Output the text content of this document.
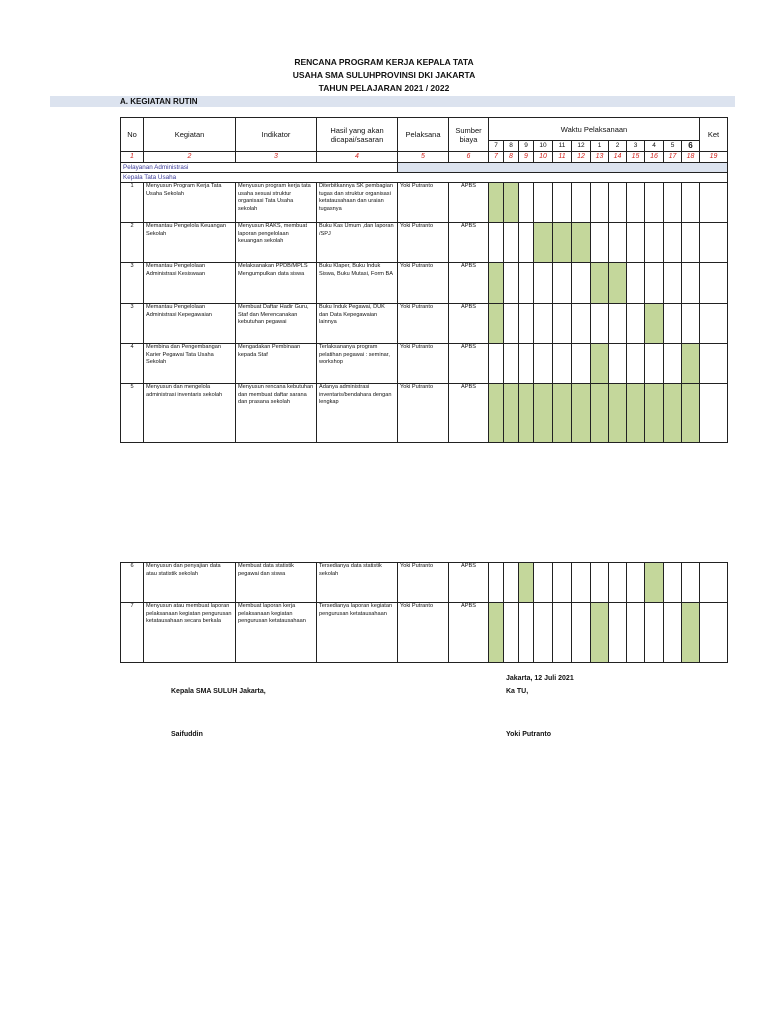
RENCANA PROGRAM KERJA KEPALA TATA
USAHA SMA SULUHPROVINSI DKI JAKARTA
TAHUN PELAJARAN 2021 / 2022
A. KEGIATAN RUTIN
No	Kegiatan	Indikator	Hasil yang akan dicapai/sasaran	Pelaksana	Sumber biaya	Waktu Pelaksanaan												Ket
						7	8	9	10	11	12	1	2	3	4	5	6	
1	2	3	4	5	6	7	8	9	10	11	12	13	14	15	16	17	18	19
Pelayanan Administrasi																		
Kepala Tata Usaha																		
1	Menyusun Program Kerja Tata Usaha Sekolah	Menyusun program kerja tata usaha sesuai struktur organisasi Tata Usaha sekolah	Diterbitkannya SK pembagian tugas dan struktur organisasi ketatausahaan dan uraian tugasnya	Yoki Putranto	APBS													
2	Memantau Pengelola Keuangan Sekolah	Menyusun RAKS, membuat laporan pengelolaan keuangan sekolah	Buku Kas Umum ,dan laporan /SPJ	Yoki Putranto	APBS													
3	Memantau Pengelolaan Administrasi Kesiswaan	Melaksanakan PPDB/MPLS Mengumpulkan data siswa	Buku Klaper, Buku Induk Siswa, Buku Mutasi, Form BA	Yoki Putranto	APBS													
3	Memantau Pengelolaan Administrasi Kepegawaian	Membuat Daftar Hadir Guru, Staf dan Merencanakan kebutuhan pegawai	Buku Induk Pegawai, DUK dan Data Kepegawaian lainnya	Yoki Putranto	APBS													
4	Membina dan Pengembangan Karier Pegawai Tata Usaha Sekolah	Mengadakan Pembinaan kepada Staf	Terlaksananya program pelatihan pegawai : seminar, workshop	Yoki Putranto	APBS													
5	Menyusun dan mengelola administrasi inventaris sekolah	Menyusun rencana kebutuhan dan membuat daftar sarana dan prasana sekolah	Adanya administrasi inventaris/bendahara dengan lengkap	Yoki Putranto	APBS													
6	Menyusun dan penyajian data atau statistik sekolah	Membuat data statistik pegawai dan siswa	Tersedianya data statistik sekolah	Yoki Putranto	APBS													
7	Menyusun atau membuat laporan pelaksanaan kegiatan pengurusan ketatausahaan secara berkala	Membuat laporan kerja pelaksanaan kegiatan pengurusan ketatausahaan	Tersedianya laporan kegiatan pengurusan ketatausahaan	Yoki Putranto	APBS													
Jakarta, 12 Juli 2021
Kepala SMA SULUH Jakarta,	Ka TU,
Saifuddin	Yoki Putranto
